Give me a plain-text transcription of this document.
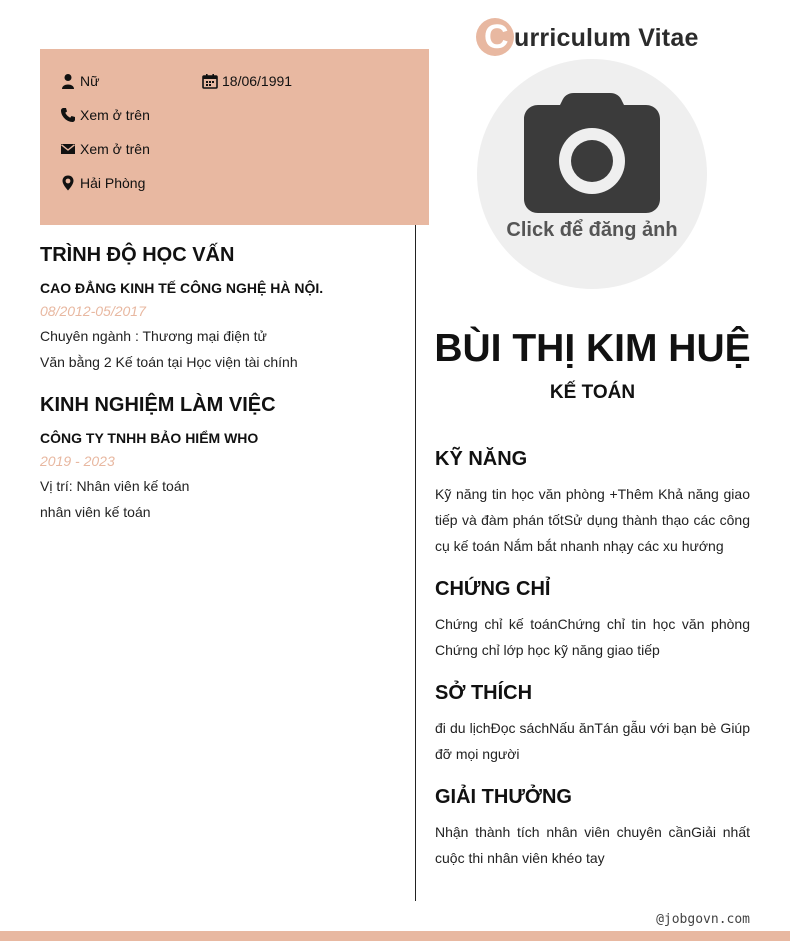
C urriculum Vitae
Nữ	18/06/1991
Xem ở trên
Xem ở trên
Hải Phòng
Click để đăng ảnh
BÙI THỊ KIM HUỆ
KẾ TOÁN
TRÌNH ĐỘ HỌC VẤN
CAO ĐẲNG KINH TẾ CÔNG NGHỆ HÀ NỘI.
08/2012-05/2017
Chuyên ngành : Thương mại điện tử
Văn bằng 2 Kế toán tại Học viện tài chính
KINH NGHIỆM LÀM VIỆC
CÔNG TY TNHH BẢO HIỂM WHO
2019 - 2023
Vị trí: Nhân viên kế toán
nhân viên kế toán
KỸ NĂNG
Kỹ năng tin học văn phòng +Thêm Khả năng giao tiếp và đàm phán tốtSử dụng thành thạo các công cụ kế toán Nắm bắt nhanh nhạy các xu hướng
CHỨNG CHỈ
Chứng chỉ kế toánChứng chỉ tin học văn phòng Chứng chỉ lớp học kỹ năng giao tiếp
SỞ THÍCH
đi du lịchĐọc sáchNấu ănTán gẫu với bạn bè Giúp đỡ mọi người
GIẢI THƯỞNG
Nhận thành tích nhân viên chuyên cầnGiải nhất cuộc thi nhân viên khéo tay
@jobgovn.com
